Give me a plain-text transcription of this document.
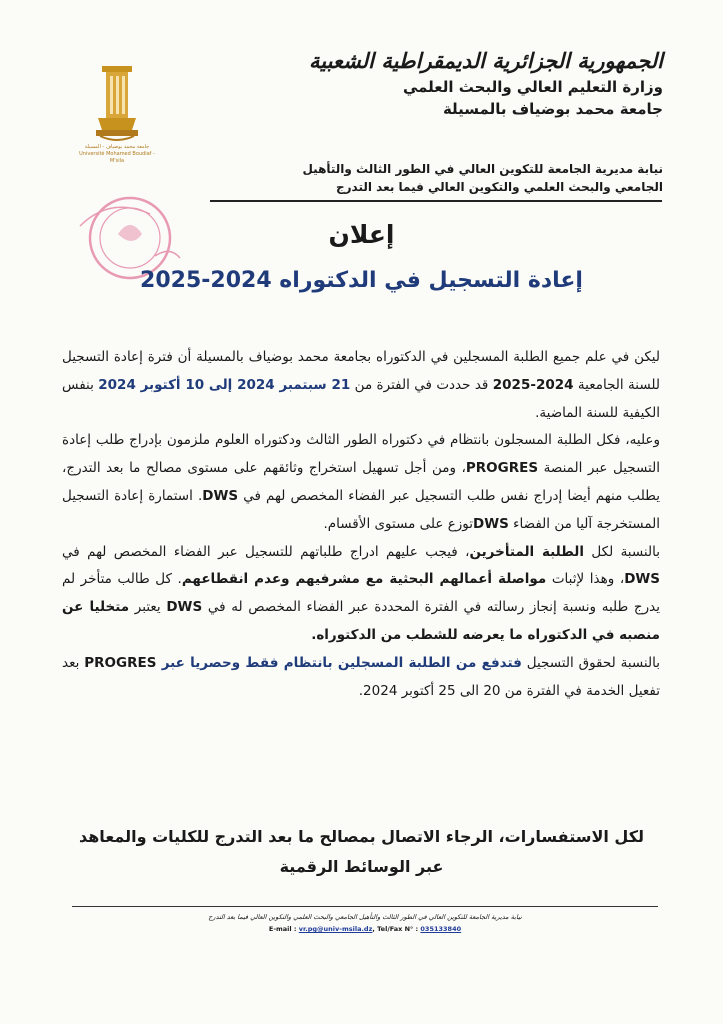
جامعة محمد بوضياف - المسيلة
Université Mohamed Boudiaf - M'sila

الجمهورية الجزائرية الديمقراطية الشعبية

وزارة التعليم العالي والبحث العلمي

جامعة محمد بوضياف بالمسيلة

نيابة مديرية الجامعة للتكوين العالي في الطور الثالث والتأهيل
الجامعي والبحث العلمي والتكوين العالي فيما بعد التدرج
إعلان
إعادة التسجيل في الدكتوراه 2024-2025

ليكن في علم جميع الطلبة المسجلين في الدكتوراه بجامعة محمد بوضياف بالمسيلة أن فترة إعادة التسجيل للسنة الجامعية 2024-2025 قد حددت في الفترة من 21 سبتمبر 2024 إلى 10 أكتوبر 2024 بنفس الكيفية للسنة الماضية.

وعليه، فكل الطلبة المسجلون بانتظام في دكتوراه الطور الثالث ودكتوراه العلوم ملزمون بإدراج طلب إعادة التسجيل عبر المنصة PROGRES، ومن أجل تسهيل استخراج وثائقهم على مستوى مصالح ما بعد التدرج، يطلب منهم أيضا إدراج نفس طلب التسجيل عبر الفضاء المخصص لهم في DWS. استمارة إعادة التسجيل المستخرجة آليا من الفضاء DWSتوزع على مستوى الأقسام.

بالنسبة لكل الطلبة المتأخرين، فيجب عليهم ادراج طلباتهم للتسجيل عبر الفضاء المخصص لهم في DWS، وهذا لإثبات مواصلة أعمالهم البحثية مع مشرفيهم وعدم انقطاعهم. كل طالب متأخر لم يدرج طلبه ونسبة إنجاز رسالته في الفترة المحددة عبر الفضاء المخصص له في DWS يعتبر متخليا عن منصبه في الدكتوراه ما يعرضه للشطب من الدكتوراه.

بالنسبة لحقوق التسجيل فتدفع من الطلبة المسجلين بانتظام فقط وحصريا عبر PROGRES بعد تفعيل الخدمة في الفترة من 20 الى 25 أكتوبر 2024.

لكل الاستفسارات، الرجاء الاتصال بمصالح ما بعد التدرج للكليات والمعاهد عبر الوسائط الرقمية
نيابة مديرية الجامعة للتكوين العالي في الطور الثالث والتأهيل الجامعي والبحث العلمي والتكوين العالي فيما بعد التدرج
E-mail : vr.pg@univ-msila.dz, Tel/Fax N° : 035133840
